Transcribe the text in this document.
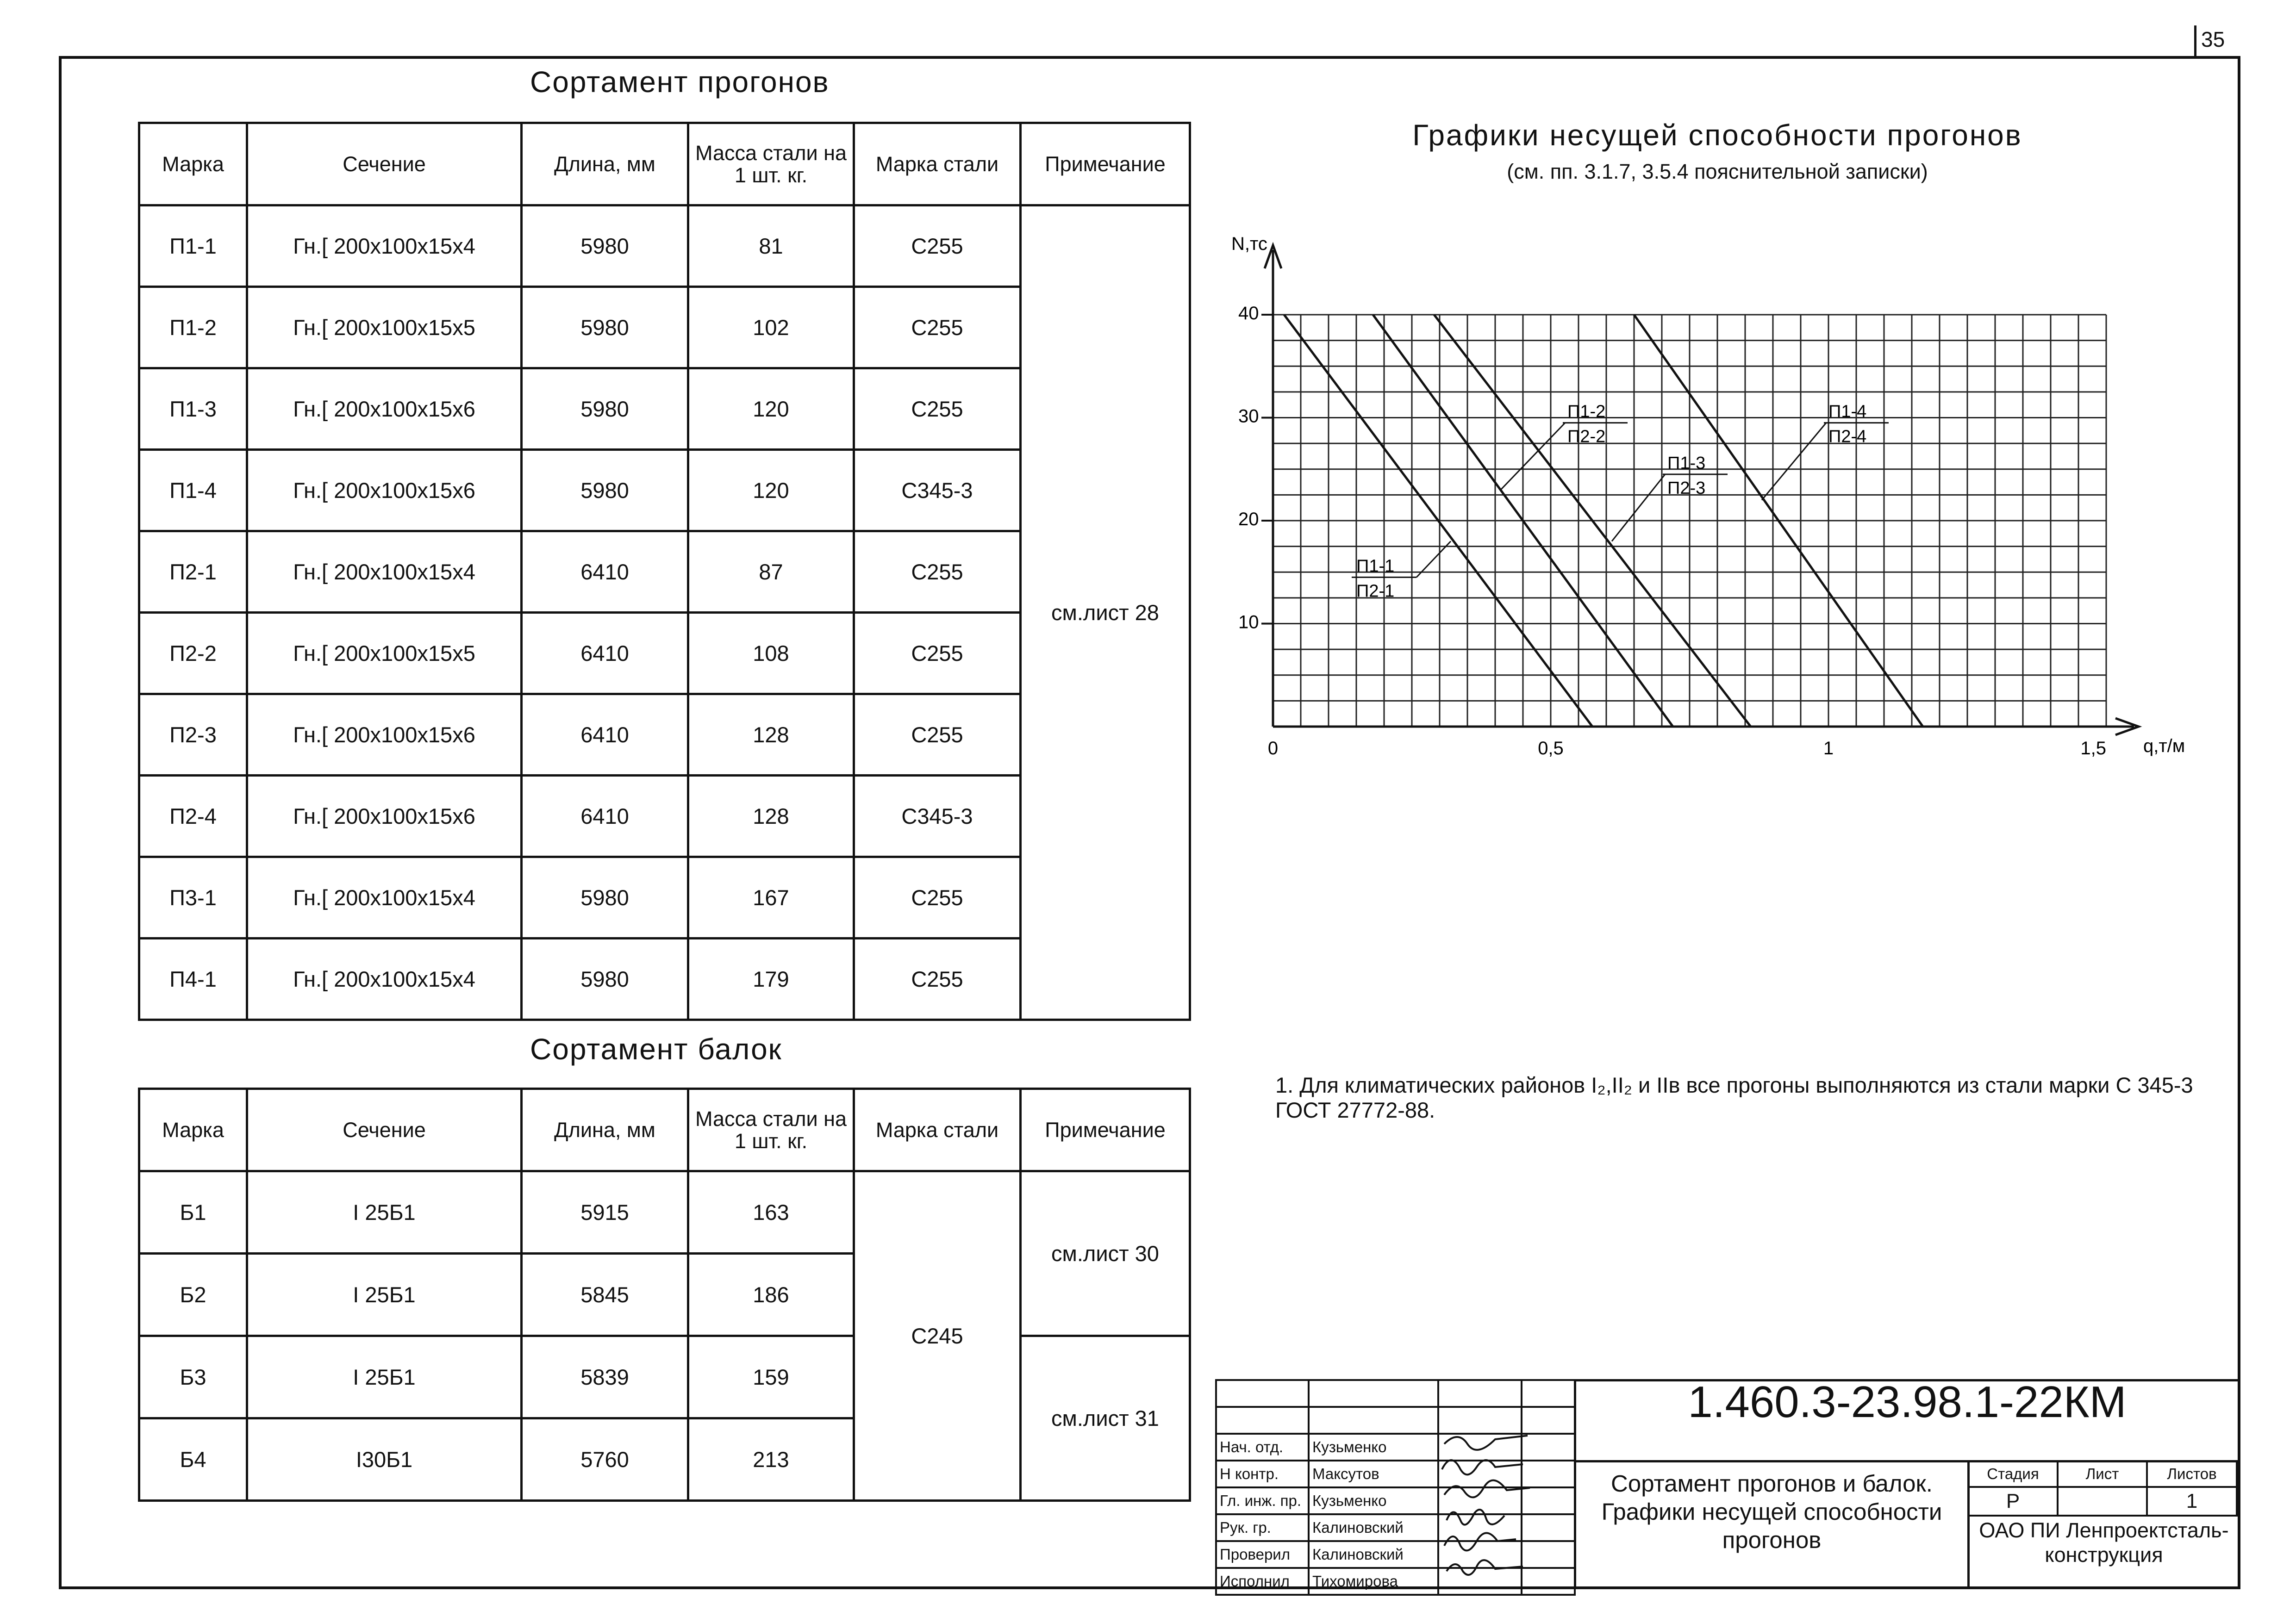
35
Сортамент прогонов
Марка	Сечение	Длина, мм	Масса стали на 1 шт. кг.	Марка стали	Примечание
П1-1	Гн.[ 200x100x15x4	5980	81	С255	см.лист 28
П1-2	Гн.[ 200x100x15x5	5980	102	С255	
П1-3	Гн.[ 200x100x15x6	5980	120	С255	
П1-4	Гн.[ 200x100x15x6	5980	120	С345-3	
П2-1	Гн.[ 200x100x15x4	6410	87	С255	
П2-2	Гн.[ 200x100x15x5	6410	108	С255	
П2-3	Гн.[ 200x100x15x6	6410	128	С255	
П2-4	Гн.[ 200x100x15x6	6410	128	С345-3	
П3-1	Гн.[ 200x100x15x4	5980	167	С255	
П4-1	Гн.[ 200x100x15x4	5980	179	С255	
Сортамент балок
Марка	Сечение	Длина, мм	Масса стали на 1 шт. кг.	Марка стали	Примечание
Б1	I 25Б1	5915	163	С245	см.лист 30
Б2	I 25Б1	5845	186		
Б3	I 25Б1	5839	159		см.лист 31
Б4	I30Б1	5760	213		
Графики несущей способности прогонов
(см. пп. 3.1.7, 3.5.4 пояснительной записки)
N,тс
q,т/м
10
20
30
40
0	0,5	1	1,5
П1-1
П2-1
П1-2
П2-2
П1-3
П2-3
П1-4
П2-4
1. Для климатических районов I₂,II₂ и IIв все прогоны выполняются из стали марки С 345-3 ГОСТ 27772-88.

Нач. отд.	Кузьменко		
Н контр.	Максутов		
Гл. инж. пр.	Кузьменко		
Рук. гр.	Калиновский		
Проверил	Калиновский		
Исполнил	Тихомирова		
1.460.3-23.98.1-22КМ
Сортамент прогонов и балок. Графики несущей способности прогонов
Стадия	Лист	Листов
Р		1
ОАО ПИ Ленпроектсталь-конструкция
